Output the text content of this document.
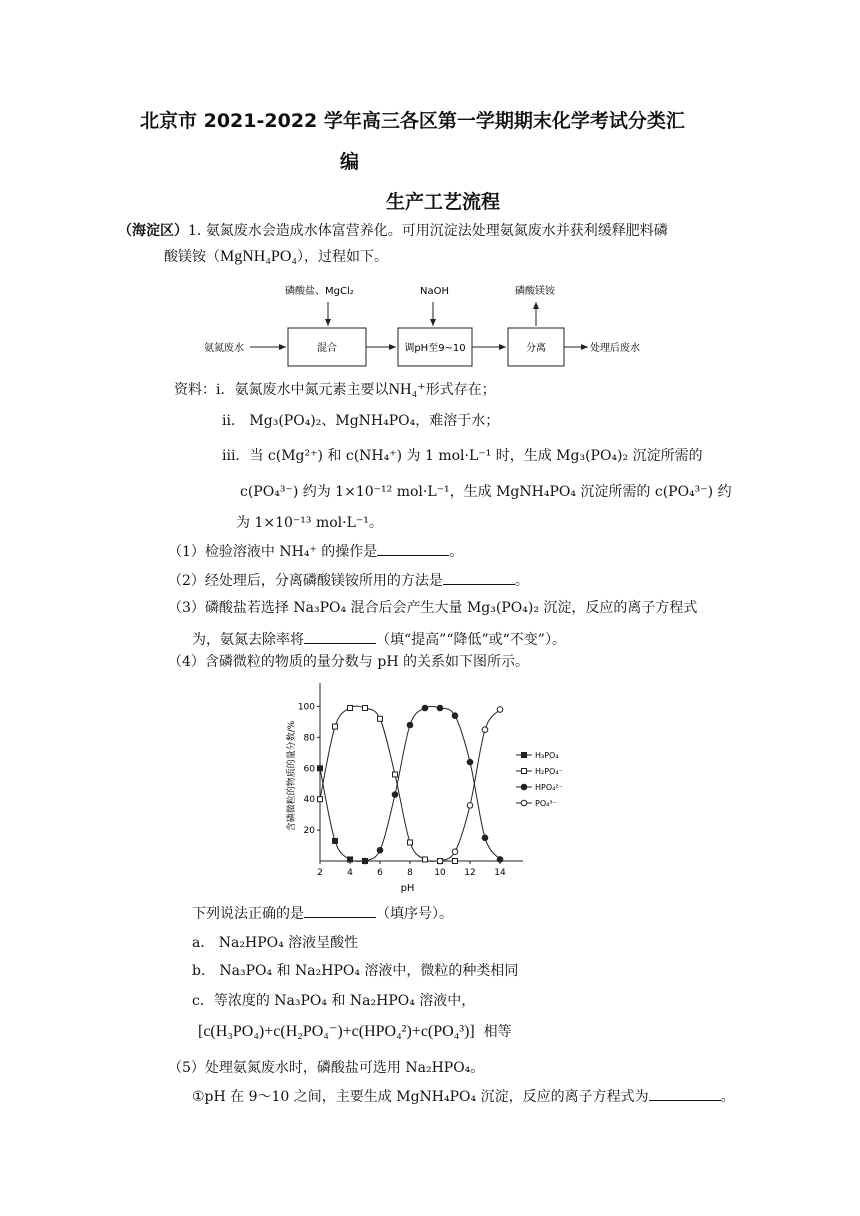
北京市 2021-2022 学年高三各区第一学期期末化学考试分类汇
编
生产工艺流程
（海淀区）1. 氨氮废水会造成水体富营养化。可用沉淀法处理氨氮废水并获利缓释肥料磷
酸镁铵（MgNH₄PO₄），过程如下。
磷酸盐、MgCl₂	NaOH	磷酸镁铵
氨氮废水	混合	调pH至9~10	分离	处理后废水
资料：i．氨氮废水中氮元素主要以NH₄⁺形式存在；
ii． Mg₃(PO₄)₂、MgNH₄PO₄，难溶于水；
iii．当 c(Mg²⁺) 和 c(NH₄⁺) 为 1 mol·L⁻¹ 时，生成 Mg₃(PO₄)₂ 沉淀所需的
c(PO₄³⁻) 约为 1×10⁻¹² mol·L⁻¹，生成 MgNH₄PO₄ 沉淀所需的 c(PO₄³⁻) 约
为 1×10⁻¹³ mol·L⁻¹。
（1）检验溶液中 NH₄⁺ 的操作是	。
（2）经处理后，分离磷酸镁铵所用的方法是	。
（3）磷酸盐若选择 Na₃PO₄ 混合后会产生大量 Mg₃(PO₄)₂ 沉淀，反应的离子方程式
为，氨氮去除率将	（填“提高”“降低”或“不变”）。
（4）含磷微粒的物质的量分数与 pH 的关系如下图所示。
2	4	6	8 10 12 14
20
40
60
80
100
pH
含磷微粒的物质的量分数/%	H₃PO₄
H₂PO₄⁻
HPO₄²⁻
PO₄³⁻
下列说法正确的是	（填序号）。
a． Na₂HPO₄ 溶液呈酸性
b． Na₃PO₄ 和 Na₂HPO₄ 溶液中，微粒的种类相同
c．等浓度的 Na₃PO₄ 和 Na₂HPO₄ 溶液中，
[c(H₃PO₄)+c(H₂PO₄⁻)+c(HPO₄²)+c(PO₄³)] 相等
（5）处理氨氮废水时，磷酸盐可选用 Na₂HPO₄。
①pH 在 9～10 之间，主要生成 MgNH₄PO₄ 沉淀，反应的离子方程式为	。
